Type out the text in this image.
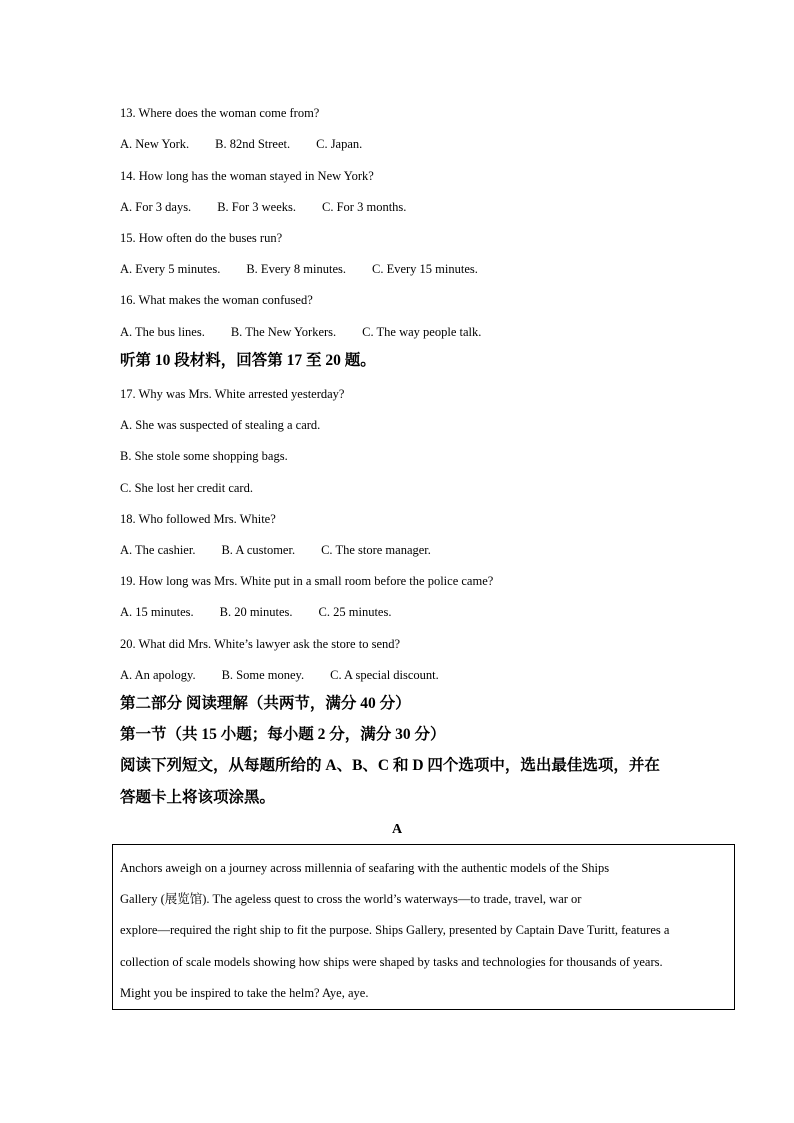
13. Where does the woman come from?
A. New York. B. 82nd Street. C. Japan.
14. How long has the woman stayed in New York?
A. For 3 days. B. For 3 weeks. C. For 3 months.
15. How often do the buses run?
A. Every 5 minutes. B. Every 8 minutes. C. Every 15 minutes.
16. What makes the woman confused?
A. The bus lines. B. The New Yorkers. C. The way people talk.
听第 10 段材料，回答第 17 至 20 题。
17. Why was Mrs. White arrested yesterday?
A. She was suspected of stealing a card.
B. She stole some shopping bags.
C. She lost her credit card.
18. Who followed Mrs. White?
A. The cashier. B. A customer. C. The store manager.
19. How long was Mrs. White put in a small room before the police came?
A. 15 minutes. B. 20 minutes. C. 25 minutes.
20. What did Mrs. White’s lawyer ask the store to send?
A. An apology. B. Some money. C. A special discount.
第二部分 阅读理解（共两节，满分 40 分）
第一节（共 15 小题；每小题 2 分，满分 30 分）
阅读下列短文，从每题所给的 A、B、C 和 D 四个选项中，选出最佳选项，并在
答题卡上将该项涂黑。
A
Anchors aweigh on a journey across millennia of seafaring with the authentic models of the Ships
Gallery (展览馆). The ageless quest to cross the world’s waterways—to trade, travel, war or
explore—required the right ship to fit the purpose. Ships Gallery, presented by Captain Dave Turitt, features a
collection of scale models showing how ships were shaped by tasks and technologies for thousands of years.
Might you be inspired to take the helm? Aye, aye.
